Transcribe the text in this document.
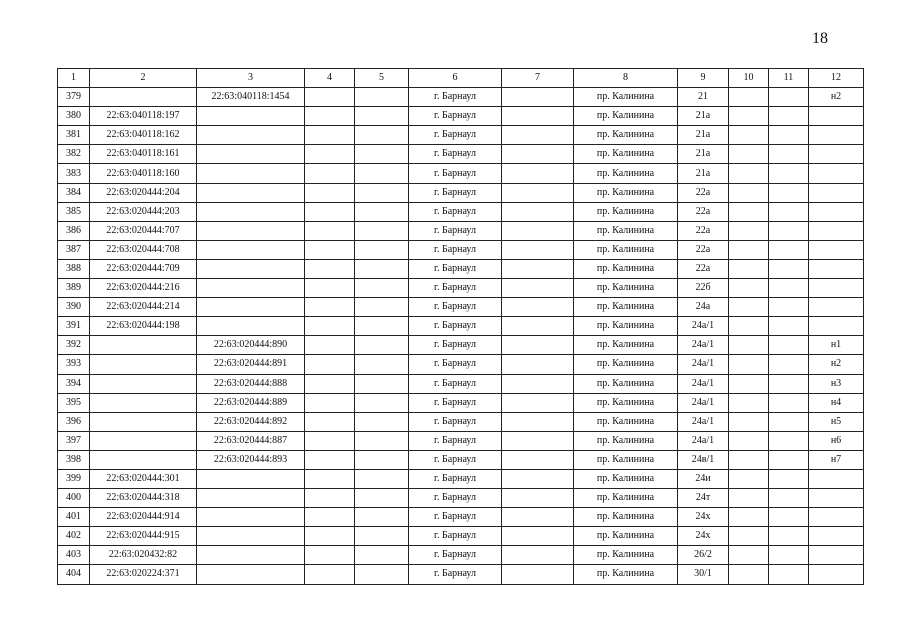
18
1	2	3	4	5	6	7	8	9	10	11	12
379		22:63:040118:1454			г. Барнаул		пр. Калинина	21			н2
380	22:63:040118:197				г. Барнаул		пр. Калинина	21а			
381	22:63:040118:162				г. Барнаул		пр. Калинина	21а			
382	22:63:040118:161				г. Барнаул		пр. Калинина	21а			
383	22:63:040118:160				г. Барнаул		пр. Калинина	21а			
384	22:63:020444:204				г. Барнаул		пр. Калинина	22а			
385	22:63:020444:203				г. Барнаул		пр. Калинина	22а			
386	22:63:020444:707				г. Барнаул		пр. Калинина	22а			
387	22:63:020444:708				г. Барнаул		пр. Калинина	22а			
388	22:63:020444:709				г. Барнаул		пр. Калинина	22а			
389	22:63:020444:216				г. Барнаул		пр. Калинина	22б			
390	22:63:020444:214				г. Барнаул		пр. Калинина	24а			
391	22:63:020444:198				г. Барнаул		пр. Калинина	24а/1			
392		22:63:020444:890			г. Барнаул		пр. Калинина	24а/1			н1
393		22:63:020444:891			г. Барнаул		пр. Калинина	24а/1			н2
394		22:63:020444:888			г. Барнаул		пр. Калинина	24а/1			н3
395		22:63:020444:889			г. Барнаул		пр. Калинина	24а/1			н4
396		22:63:020444:892			г. Барнаул		пр. Калинина	24а/1			н5
397		22:63:020444:887			г. Барнаул		пр. Калинина	24а/1			н6
398		22:63:020444:893			г. Барнаул		пр. Калинина	24в/1			н7
399	22:63:020444:301				г. Барнаул		пр. Калинина	24и			
400	22:63:020444:318				г. Барнаул		пр. Калинина	24т			
401	22:63:020444:914				г. Барнаул		пр. Калинина	24х			
402	22:63:020444:915				г. Барнаул		пр. Калинина	24х			
403	22:63:020432:82				г. Барнаул		пр. Калинина	26/2			
404	22:63:020224:371				г. Барнаул		пр. Калинина	30/1			
